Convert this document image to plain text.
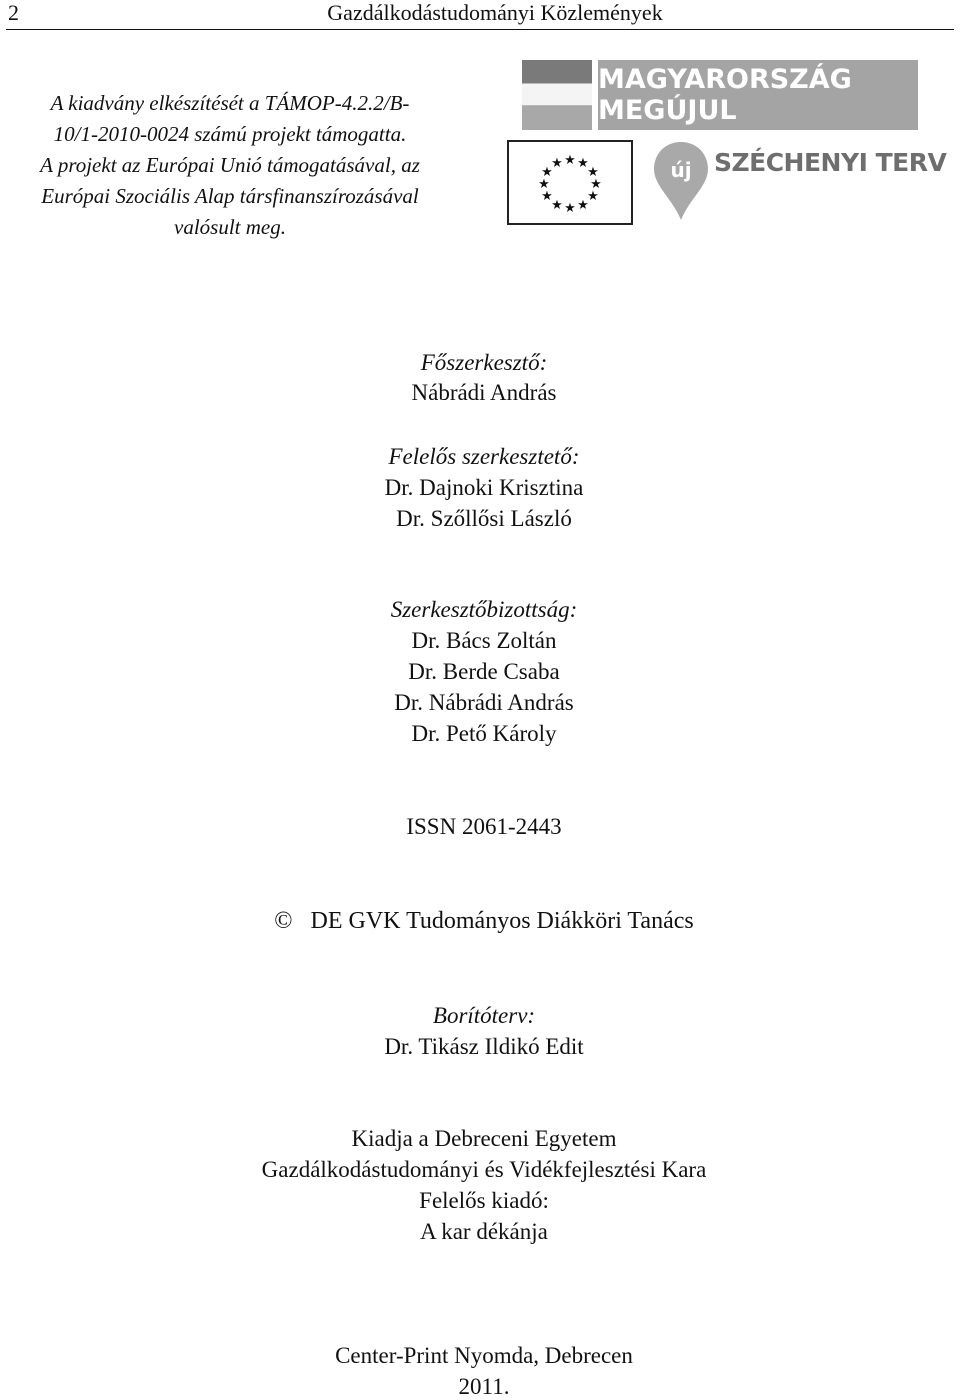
2	Gazdálkodástudományi Közlemények
A kiadvány elkészítését a TÁMOP-4.2.2/B-
10/1-2010-0024 számú projekt támogatta.
A projekt az Európai Unió támogatásával, az
Európai Szociális Alap társfinanszírozásával
valósult meg.
MAGYARORSZÁG MEGÚJUL
★ ★
★
★
★
★
★
★
★
★
★
★	új SZÉCHENYI TERV
Főszerkesztő:
Nábrádi András
Felelős szerkesztető:
Dr. Dajnoki Krisztina
Dr. Szőllősi László
Szerkesztőbizottság:
Dr. Bács Zoltán
Dr. Berde Csaba
Dr. Nábrádi András
Dr. Pető Károly
ISSN 2061-2443
© DE GVK Tudományos Diákköri Tanács
Borítóterv:
Dr. Tikász Ildikó Edit
Kiadja a Debreceni Egyetem
Gazdálkodástudományi és Vidékfejlesztési Kara
Felelős kiadó:
A kar dékánja
Center-Print Nyomda, Debrecen
2011.
